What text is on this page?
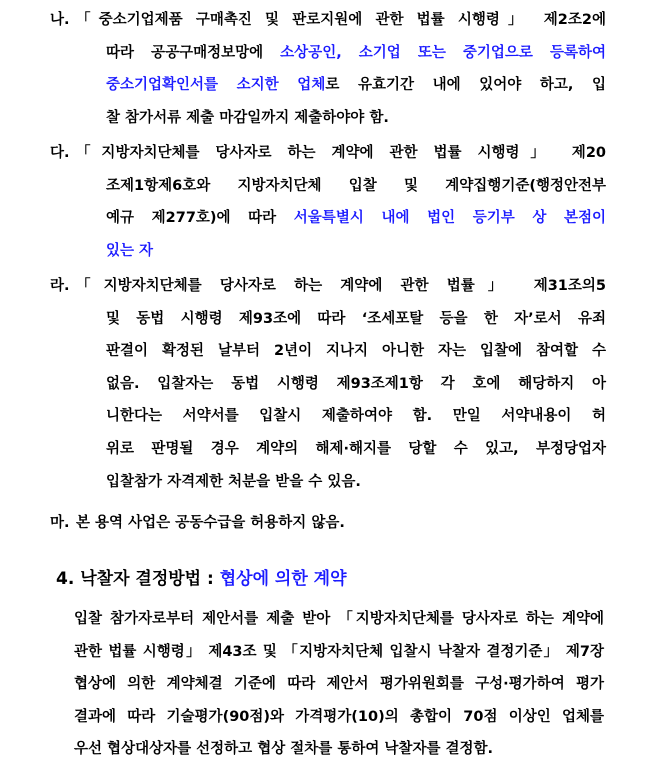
나. 「중소기업제품 구매촉진 및 판로지원에 관한 법률 시행령」 제2조2에
따라 공공구매정보망에 소상공인, 소기업 또는 중기업으로 등록하여
중소기업확인서를 소지한 업체로 유효기간 내에 있어야 하고, 입
찰 참가서류 제출 마감일까지 제출하야야 함.
다. 「지방자치단체를 당사자로 하는 계약에 관한 법률 시행령」 제20
조제1항제6호와 지방자치단체 입찰 및 계약집행기준(행정안전부
예규 제277호)에 따라 서울특별시 내에 법인 등기부 상 본점이
있는 자
라. 「지방자치단체를 당사자로 하는 계약에 관한 법률」 제31조의5
및 동법 시행령 제93조에 따라 ‘조세포탈 등을 한 자’로서 유죄
판결이 확정된 날부터 2년이 지나지 아니한 자는 입찰에 참여할 수
없음. 입찰자는 동법 시행령 제93조제1항 각 호에 해당하지 아
니한다는 서약서를 입찰시 제출하여야 함. 만일 서약내용이 허
위로 판명될 경우 계약의 해제·해지를 당할 수 있고, 부정당업자
입찰참가 자격제한 처분을 받을 수 있음.
마. 본 용역 사업은 공동수급을 허용하지 않음.
4. 낙찰자 결정방법 : 협상에 의한 계약
입찰 참가자로부터 제안서를 제출 받아 「지방자치단체를 당사자로 하는 계약에
관한 법률 시행령」 제43조 및 「지방자치단체 입찰시 낙찰자 결정기준」 제7장
협상에 의한 계약체결 기준에 따라 제안서 평가위원회를 구성·평가하여 평가
결과에 따라 기술평가(90점)와 가격평가(10)의 총합이 70점 이상인 업체를
우선 협상대상자를 선정하고 협상 절차를 통하여 낙찰자를 결정함.
